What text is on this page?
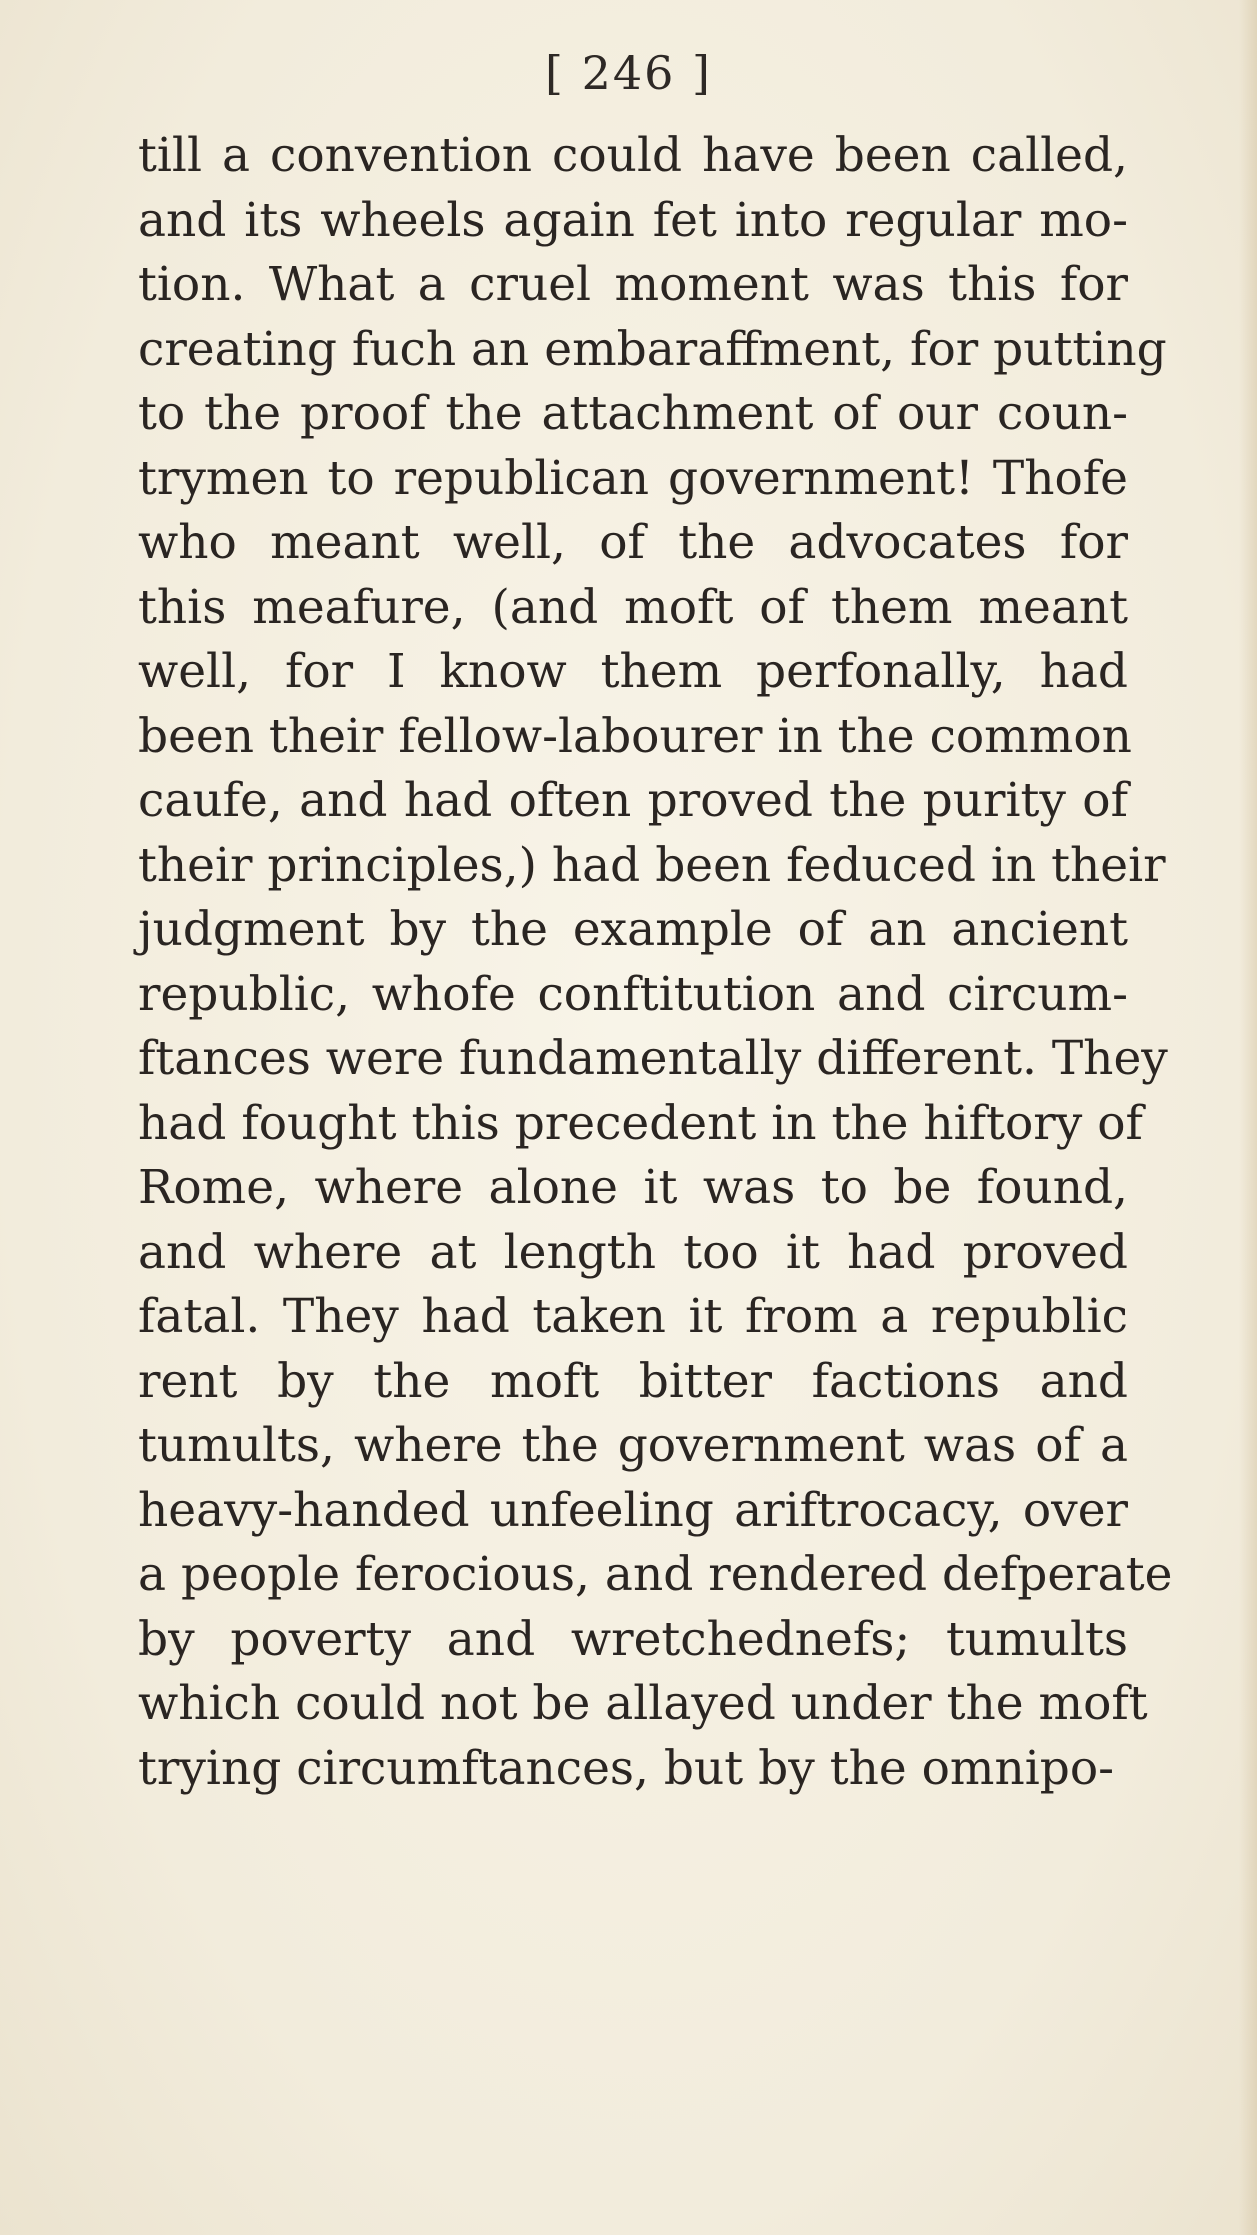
[ 246 ]
till a convention could have been called,
and its wheels again fet into regular mo-
tion. What a cruel moment was this for
creating fuch an embaraffment, for putting
to the proof the attachment of our coun-
trymen to republican government! Thofe
who meant well, of the advocates for
this meafure, (and moft of them meant
well, for I know them perfonally, had
been their fellow-labourer in the common
caufe, and had often proved the purity of
their principles,) had been feduced in their
judgment by the example of an ancient
republic, whofe conftitution and circum-
ftances were fundamentally different. They
had fought this precedent in the hiftory of
Rome, where alone it was to be found,
and where at length too it had proved
fatal. They had taken it from a republic
rent by the moft bitter factions and
tumults, where the government was of a
heavy-handed unfeeling ariftrocacy, over
a people ferocious, and rendered defperate
by poverty and wretchednefs; tumults
which could not be allayed under the moft
trying circumftances, but by the omnipo-
